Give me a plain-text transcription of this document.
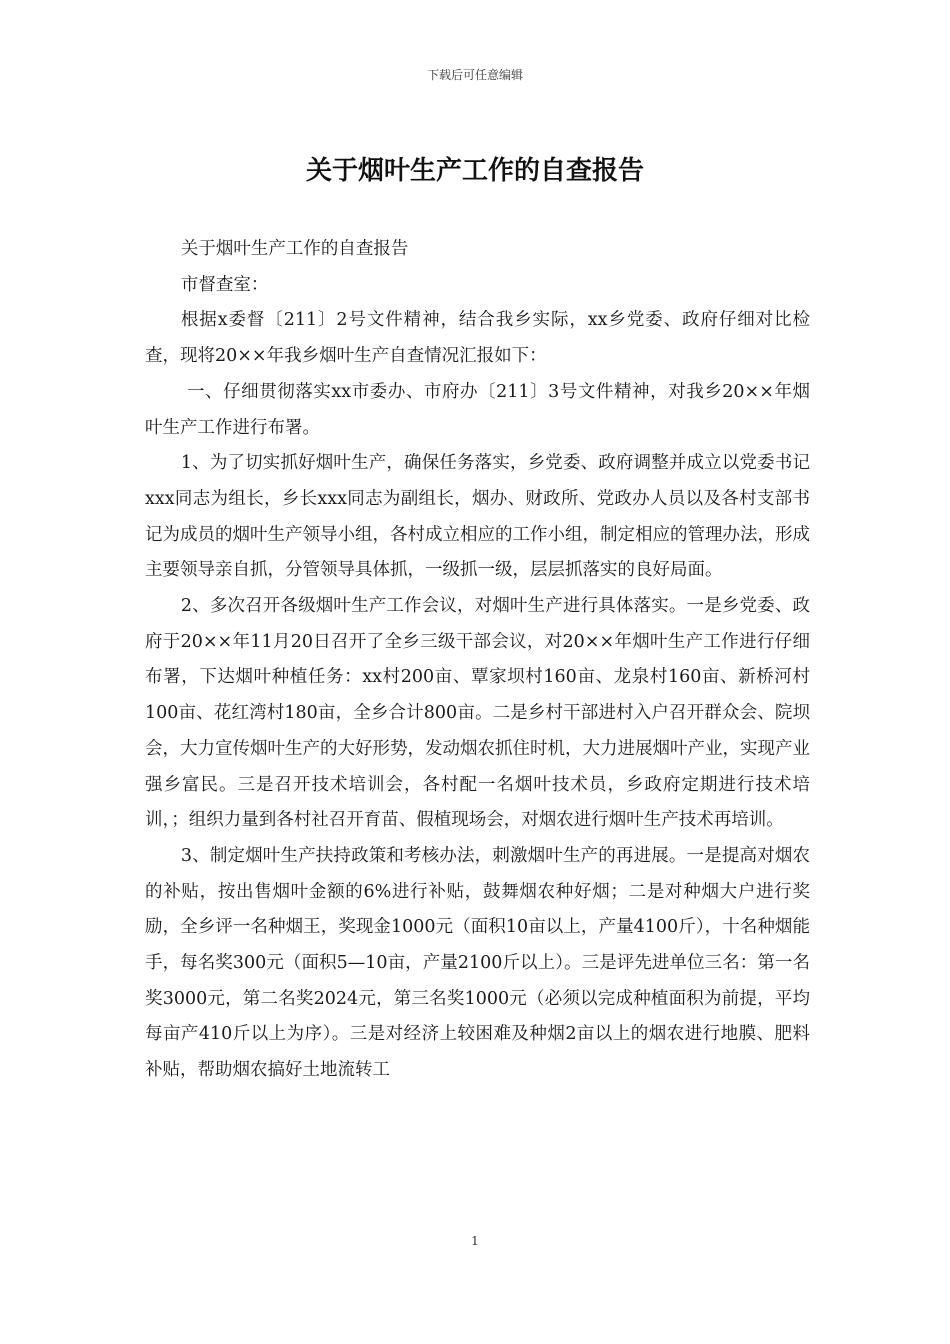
下载后可任意编辑
关于烟叶生产工作的自查报告

关于烟叶生产工作的自查报告

市督查室：

根据x委督〔211〕2号文件精神，结合我乡实际，xx乡党委、政府仔细对比检查，现将20××年我乡烟叶生产自查情况汇报如下：

一、仔细贯彻落实xx市委办、市府办〔211〕3号文件精神，对我乡20××年烟叶生产工作进行布署。

1、为了切实抓好烟叶生产，确保任务落实，乡党委、政府调整并成立以党委书记xxx同志为组长，乡长xxx同志为副组长，烟办、财政所、党政办人员以及各村支部书记为成员的烟叶生产领导小组，各村成立相应的工作小组，制定相应的管理办法，形成主要领导亲自抓，分管领导具体抓，一级抓一级，层层抓落实的良好局面。

2、多次召开各级烟叶生产工作会议，对烟叶生产进行具体落实。一是乡党委、政府于20××年11月20日召开了全乡三级干部会议，对20××年烟叶生产工作进行仔细布署，下达烟叶种植任务：xx村200亩、覃家坝村160亩、龙泉村160亩、新桥河村100亩、花红湾村180亩，全乡合计800亩。二是乡村干部进村入户召开群众会、院坝会，大力宣传烟叶生产的大好形势，发动烟农抓住时机，大力进展烟叶产业，实现产业强乡富民。三是召开技术培训会，各村配一名烟叶技术员，乡政府定期进行技术培训，；组织力量到各村社召开育苗、假植现场会，对烟农进行烟叶生产技术再培训。

3、制定烟叶生产扶持政策和考核办法，刺激烟叶生产的再进展。一是提高对烟农的补贴，按出售烟叶金额的6%进行补贴，鼓舞烟农种好烟；二是对种烟大户进行奖励，全乡评一名种烟王，奖现金1000元（面积10亩以上，产量4100斤），十名种烟能手，每名奖300元（面积5—10亩，产量2100斤以上）。三是评先进单位三名：第一名奖3000元，第二名奖2024元，第三名奖1000元（必须以完成种植面积为前提，平均每亩产410斤以上为序）。三是对经济上较困难及种烟2亩以上的烟农进行地膜、肥料补贴，帮助烟农搞好土地流转工

1
